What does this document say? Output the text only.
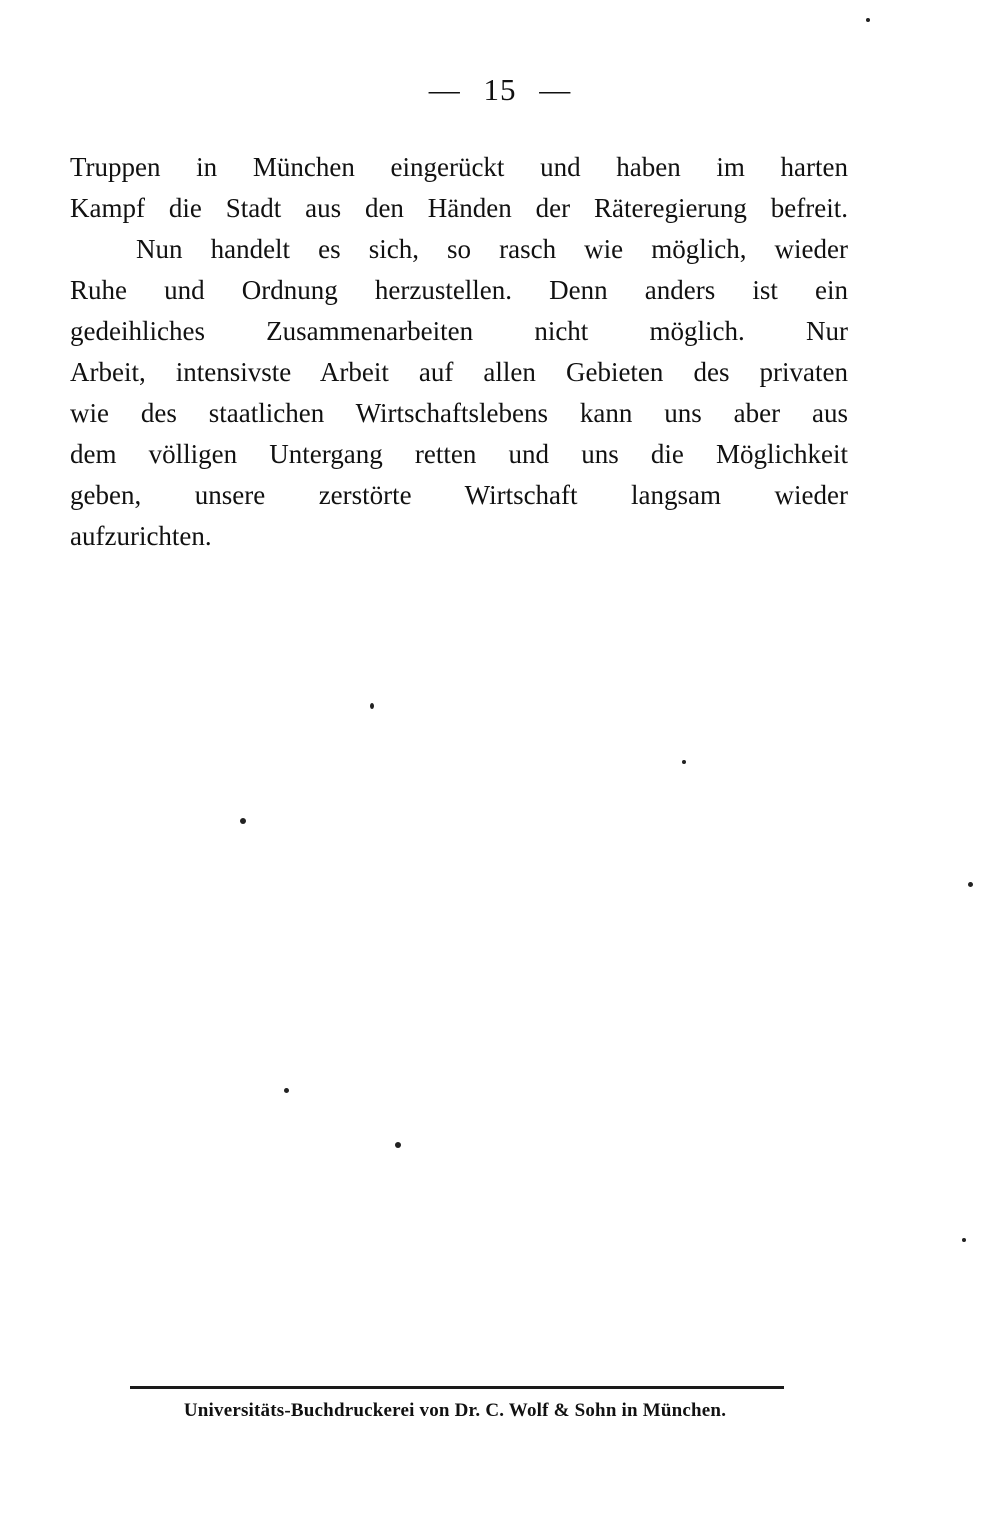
— 15 —
Truppen in München eingerückt und haben im harten
Kampf die Stadt aus den Händen der Räteregierung befreit.
Nun handelt es sich, so rasch wie möglich, wieder
Ruhe und Ordnung herzustellen. Denn anders ist ein
gedeihliches Zusammenarbeiten nicht möglich. Nur
Arbeit, intensivste Arbeit auf allen Gebieten des privaten
wie des staatlichen Wirtschaftslebens kann uns aber aus
dem völligen Untergang retten und uns die Möglichkeit
geben, unsere zerstörte Wirtschaft langsam wieder
aufzurichten.
Universitäts-Buchdruckerei von Dr. C. Wolf & Sohn in München.
